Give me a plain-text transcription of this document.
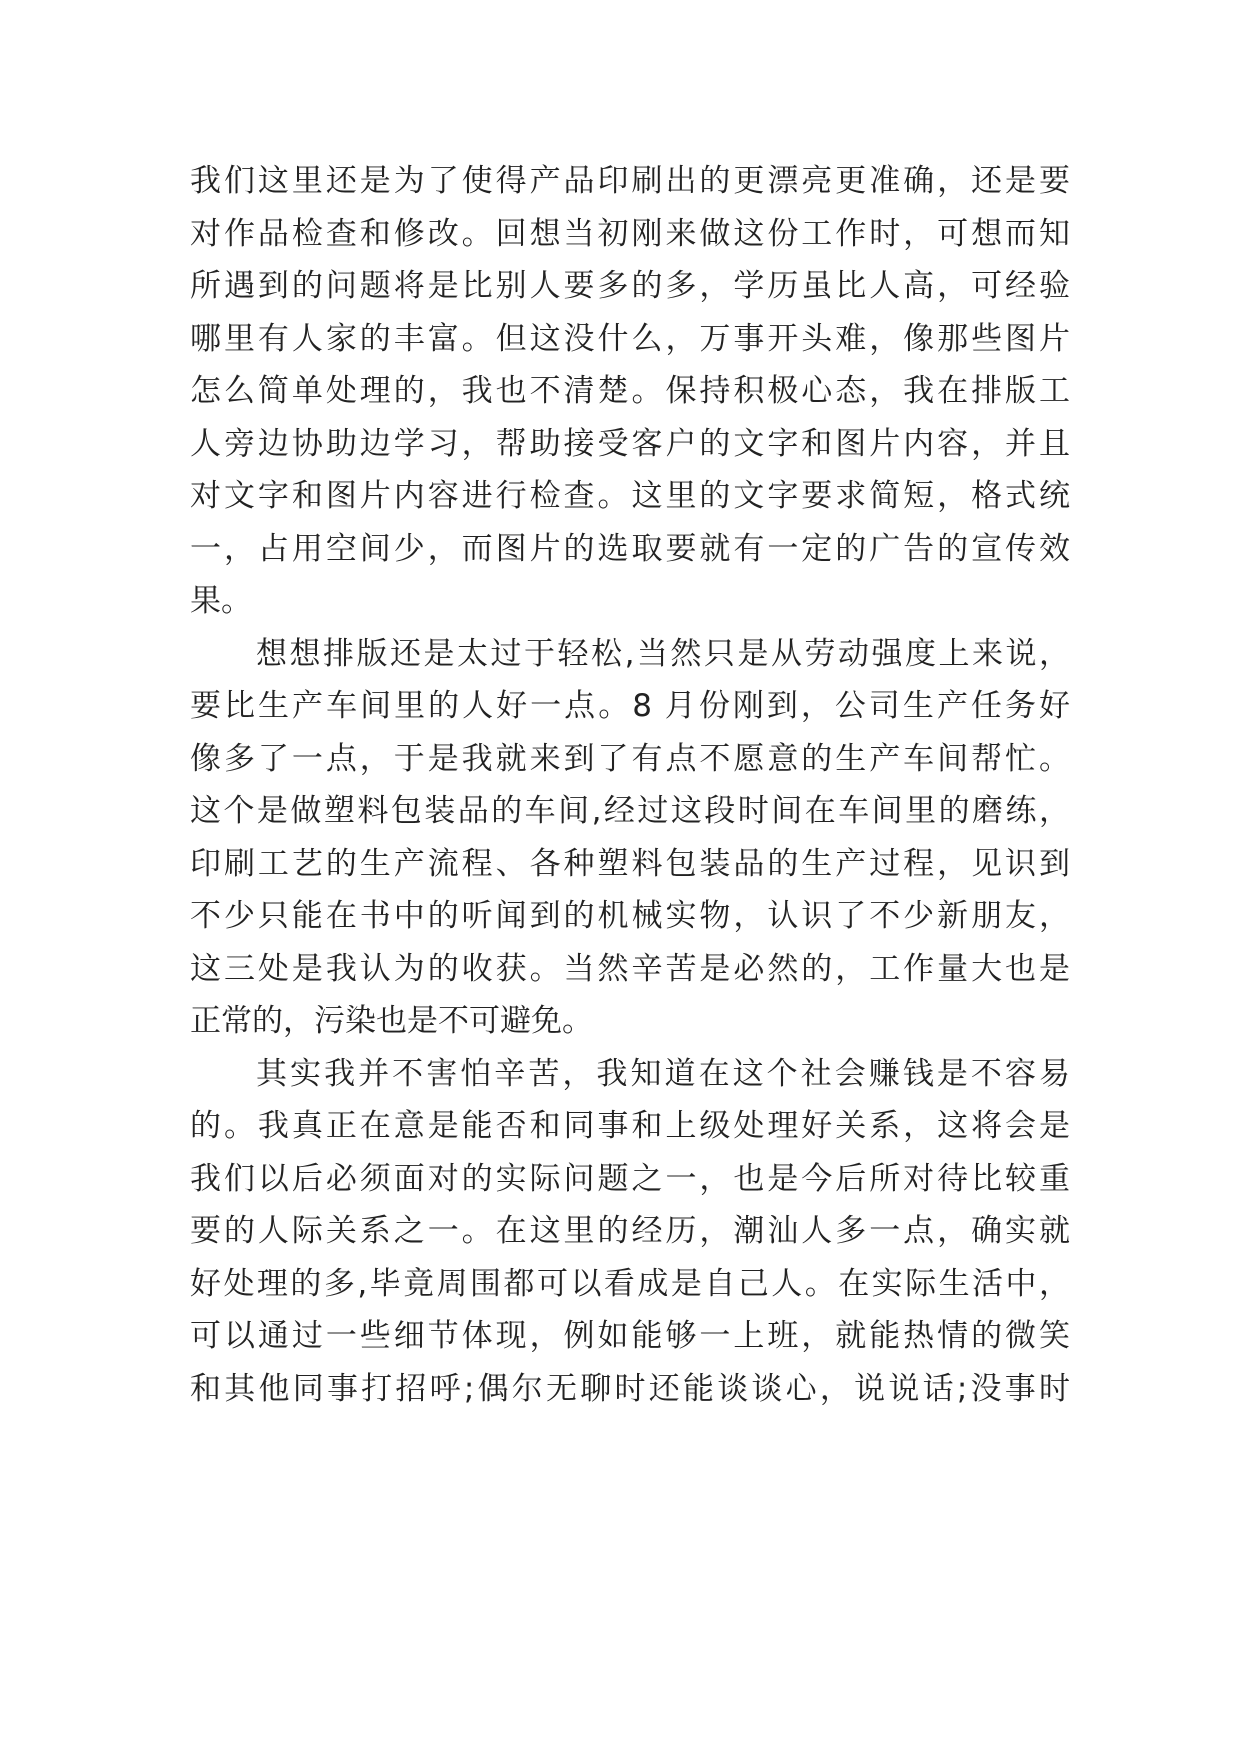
我们这里还是为了使得产品印刷出的更漂亮更准确，还是要
对作品检查和修改。回想当初刚来做这份工作时，可想而知
所遇到的问题将是比别人要多的多，学历虽比人高，可经验
哪里有人家的丰富。但这没什么，万事开头难，像那些图片
怎么简单处理的，我也不清楚。保持积极心态，我在排版工
人旁边协助边学习，帮助接受客户的文字和图片内容，并且
对文字和图片内容进行检查。这里的文字要求简短，格式统
一，占用空间少，而图片的选取要就有一定的广告的宣传效
果。
想想排版还是太过于轻松,当然只是从劳动强度上来说，
要比生产车间里的人好一点。8 月份刚到，公司生产任务好
像多了一点，于是我就来到了有点不愿意的生产车间帮忙。
这个是做塑料包装品的车间,经过这段时间在车间里的磨练，
印刷工艺的生产流程、各种塑料包装品的生产过程，见识到
不少只能在书中的听闻到的机械实物，认识了不少新朋友，
这三处是我认为的收获。当然辛苦是必然的，工作量大也是
正常的，污染也是不可避免。
其实我并不害怕辛苦，我知道在这个社会赚钱是不容易
的。我真正在意是能否和同事和上级处理好关系，这将会是
我们以后必须面对的实际问题之一，也是今后所对待比较重
要的人际关系之一。在这里的经历，潮汕人多一点，确实就
好处理的多,毕竟周围都可以看成是自己人。在实际生活中，
可以通过一些细节体现，例如能够一上班，就能热情的微笑
和其他同事打招呼;偶尔无聊时还能谈谈心，说说话;没事时
